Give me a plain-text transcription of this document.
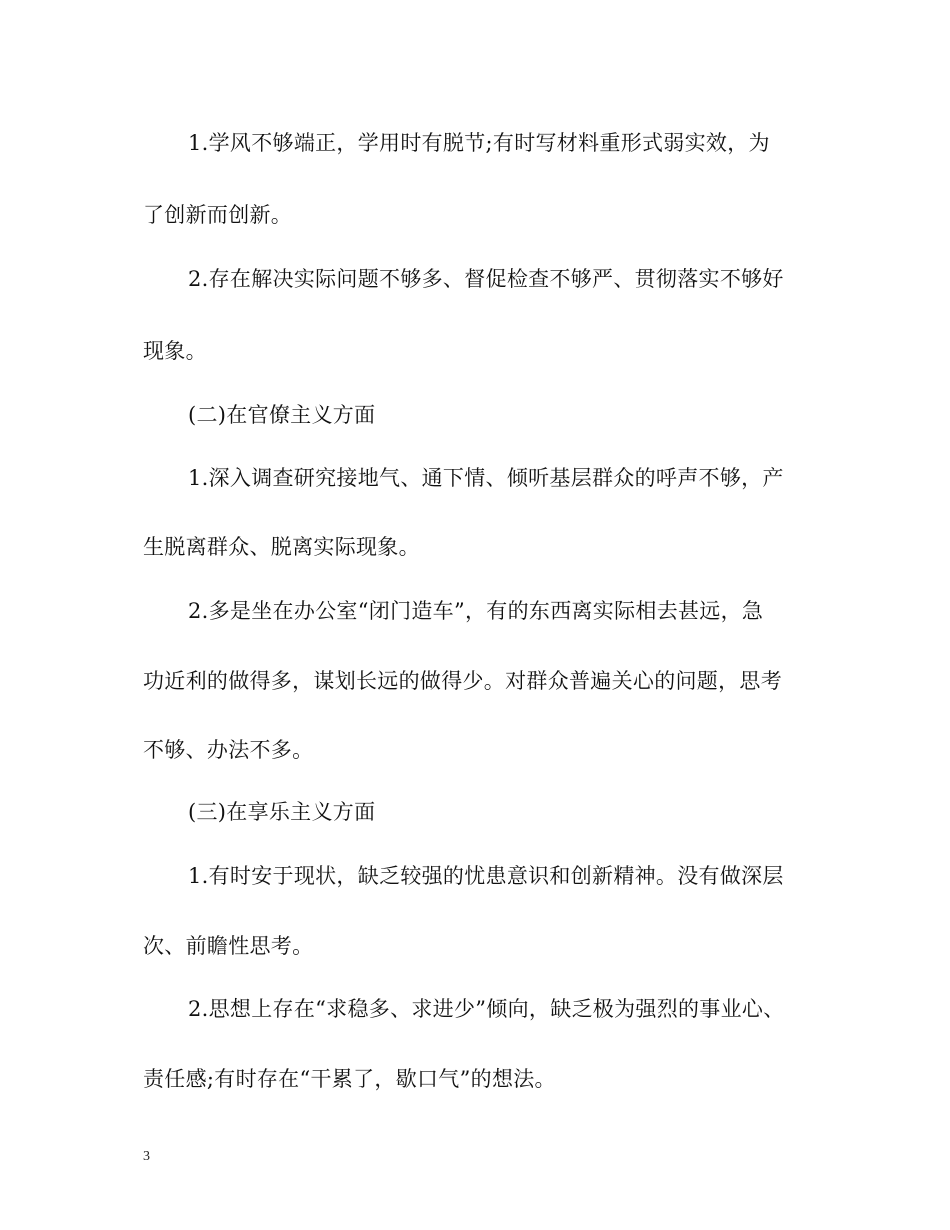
1.学风不够端正，学用时有脱节;有时写材料重形式弱实效，为
了创新而创新。
2.存在解决实际问题不够多、督促检查不够严、贯彻落实不够好
现象。
(二)在官僚主义方面
1.深入调查研究接地气、通下情、倾听基层群众的呼声不够，产
生脱离群众、脱离实际现象。
2.多是坐在办公室“闭门造车”，有的东西离实际相去甚远，急
功近利的做得多，谋划长远的做得少。对群众普遍关心的问题，思考
不够、办法不多。
(三)在享乐主义方面
1.有时安于现状，缺乏较强的忧患意识和创新精神。没有做深层
次、前瞻性思考。
2.思想上存在“求稳多、求进少”倾向，缺乏极为强烈的事业心、
责任感;有时存在“干累了，歇口气”的想法。
3
